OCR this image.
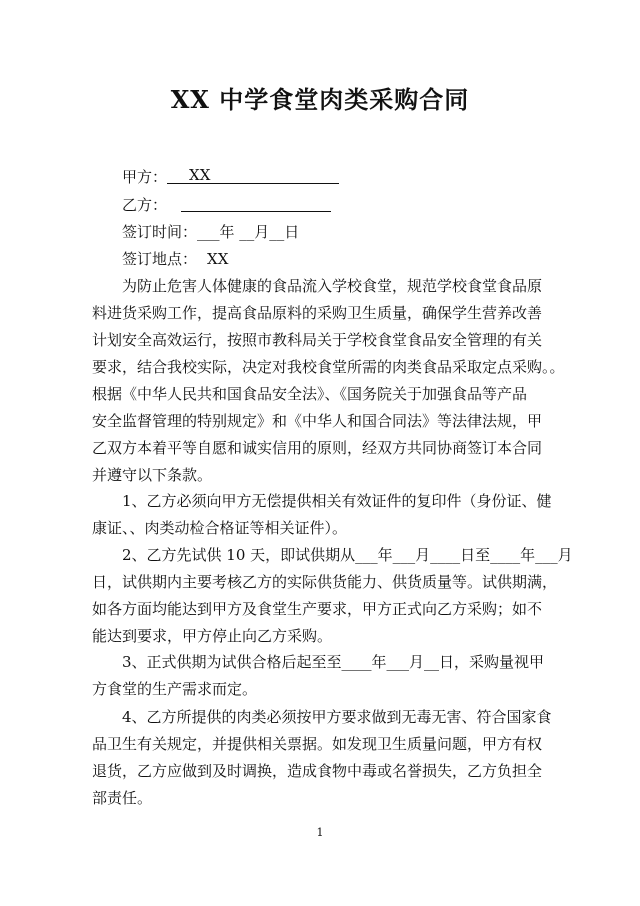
XX 中学食堂肉类采购合同
甲方： XX
乙方：
签订时间：___年 __月__日
签订地点： XX
为防止危害人体健康的食品流入学校食堂，规范学校食堂食品原
料进货采购工作，提高食品原料的采购卫生质量，确保学生营养改善
计划安全高效运行，按照市教科局关于学校食堂食品安全管理的有关
要求，结合我校实际，决定对我校食堂所需的肉类食品采取定点采购。。
根据《中华人民共和国食品安全法》、《国务院关于加强食品等产品
安全监督管理的特别规定》和《中华人和国合同法》等法律法规，甲
乙双方本着平等自愿和诚实信用的原则，经双方共同协商签订本合同
并遵守以下条款。
1、乙方必须向甲方无偿提供相关有效证件的复印件（身份证、健
康证、、肉类动检合格证等相关证件）。
2、乙方先试供 10 天，即试供期从___年___月____日至____年___月
日，试供期内主要考核乙方的实际供货能力、供货质量等。试供期满，
如各方面均能达到甲方及食堂生产要求，甲方正式向乙方采购；如不
能达到要求，甲方停止向乙方采购。
3、正式供期为试供合格后起至至____年___月__日，采购量视甲
方食堂的生产需求而定。
4、乙方所提供的肉类必须按甲方要求做到无毒无害、符合国家食
品卫生有关规定，并提供相关票据。如发现卫生质量问题，甲方有权
退货，乙方应做到及时调换，造成食物中毒或名誉损失，乙方负担全
部责任。
1
